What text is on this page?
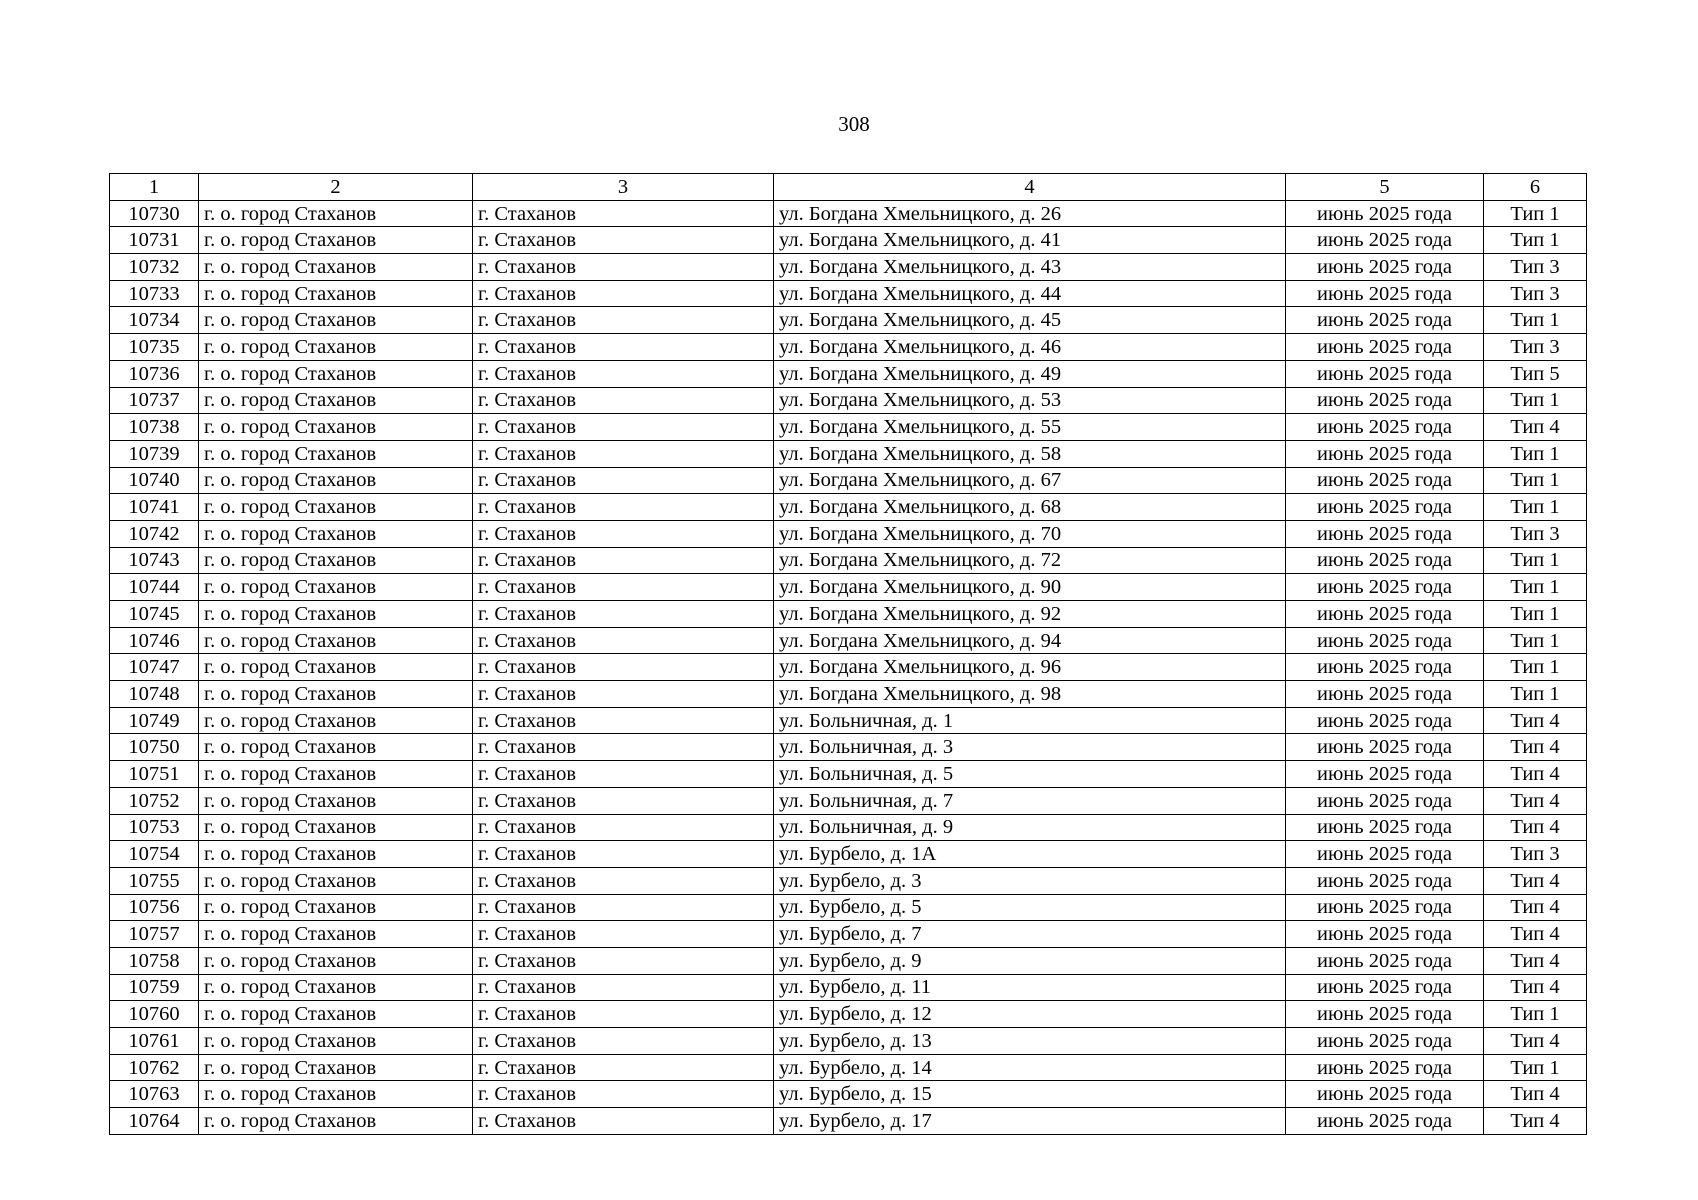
308
1	2	3	4	5	6
10730	г. о. город Стаханов	г. Стаханов	ул. Богдана Хмельницкого, д. 26	июнь 2025 года	Тип 1
10731	г. о. город Стаханов	г. Стаханов	ул. Богдана Хмельницкого, д. 41	июнь 2025 года	Тип 1
10732	г. о. город Стаханов	г. Стаханов	ул. Богдана Хмельницкого, д. 43	июнь 2025 года	Тип 3
10733	г. о. город Стаханов	г. Стаханов	ул. Богдана Хмельницкого, д. 44	июнь 2025 года	Тип 3
10734	г. о. город Стаханов	г. Стаханов	ул. Богдана Хмельницкого, д. 45	июнь 2025 года	Тип 1
10735	г. о. город Стаханов	г. Стаханов	ул. Богдана Хмельницкого, д. 46	июнь 2025 года	Тип 3
10736	г. о. город Стаханов	г. Стаханов	ул. Богдана Хмельницкого, д. 49	июнь 2025 года	Тип 5
10737	г. о. город Стаханов	г. Стаханов	ул. Богдана Хмельницкого, д. 53	июнь 2025 года	Тип 1
10738	г. о. город Стаханов	г. Стаханов	ул. Богдана Хмельницкого, д. 55	июнь 2025 года	Тип 4
10739	г. о. город Стаханов	г. Стаханов	ул. Богдана Хмельницкого, д. 58	июнь 2025 года	Тип 1
10740	г. о. город Стаханов	г. Стаханов	ул. Богдана Хмельницкого, д. 67	июнь 2025 года	Тип 1
10741	г. о. город Стаханов	г. Стаханов	ул. Богдана Хмельницкого, д. 68	июнь 2025 года	Тип 1
10742	г. о. город Стаханов	г. Стаханов	ул. Богдана Хмельницкого, д. 70	июнь 2025 года	Тип 3
10743	г. о. город Стаханов	г. Стаханов	ул. Богдана Хмельницкого, д. 72	июнь 2025 года	Тип 1
10744	г. о. город Стаханов	г. Стаханов	ул. Богдана Хмельницкого, д. 90	июнь 2025 года	Тип 1
10745	г. о. город Стаханов	г. Стаханов	ул. Богдана Хмельницкого, д. 92	июнь 2025 года	Тип 1
10746	г. о. город Стаханов	г. Стаханов	ул. Богдана Хмельницкого, д. 94	июнь 2025 года	Тип 1
10747	г. о. город Стаханов	г. Стаханов	ул. Богдана Хмельницкого, д. 96	июнь 2025 года	Тип 1
10748	г. о. город Стаханов	г. Стаханов	ул. Богдана Хмельницкого, д. 98	июнь 2025 года	Тип 1
10749	г. о. город Стаханов	г. Стаханов	ул. Больничная, д. 1	июнь 2025 года	Тип 4
10750	г. о. город Стаханов	г. Стаханов	ул. Больничная, д. 3	июнь 2025 года	Тип 4
10751	г. о. город Стаханов	г. Стаханов	ул. Больничная, д. 5	июнь 2025 года	Тип 4
10752	г. о. город Стаханов	г. Стаханов	ул. Больничная, д. 7	июнь 2025 года	Тип 4
10753	г. о. город Стаханов	г. Стаханов	ул. Больничная, д. 9	июнь 2025 года	Тип 4
10754	г. о. город Стаханов	г. Стаханов	ул. Бурбело, д. 1А	июнь 2025 года	Тип 3
10755	г. о. город Стаханов	г. Стаханов	ул. Бурбело, д. 3	июнь 2025 года	Тип 4
10756	г. о. город Стаханов	г. Стаханов	ул. Бурбело, д. 5	июнь 2025 года	Тип 4
10757	г. о. город Стаханов	г. Стаханов	ул. Бурбело, д. 7	июнь 2025 года	Тип 4
10758	г. о. город Стаханов	г. Стаханов	ул. Бурбело, д. 9	июнь 2025 года	Тип 4
10759	г. о. город Стаханов	г. Стаханов	ул. Бурбело, д. 11	июнь 2025 года	Тип 4
10760	г. о. город Стаханов	г. Стаханов	ул. Бурбело, д. 12	июнь 2025 года	Тип 1
10761	г. о. город Стаханов	г. Стаханов	ул. Бурбело, д. 13	июнь 2025 года	Тип 4
10762	г. о. город Стаханов	г. Стаханов	ул. Бурбело, д. 14	июнь 2025 года	Тип 1
10763	г. о. город Стаханов	г. Стаханов	ул. Бурбело, д. 15	июнь 2025 года	Тип 4
10764	г. о. город Стаханов	г. Стаханов	ул. Бурбело, д. 17	июнь 2025 года	Тип 4
